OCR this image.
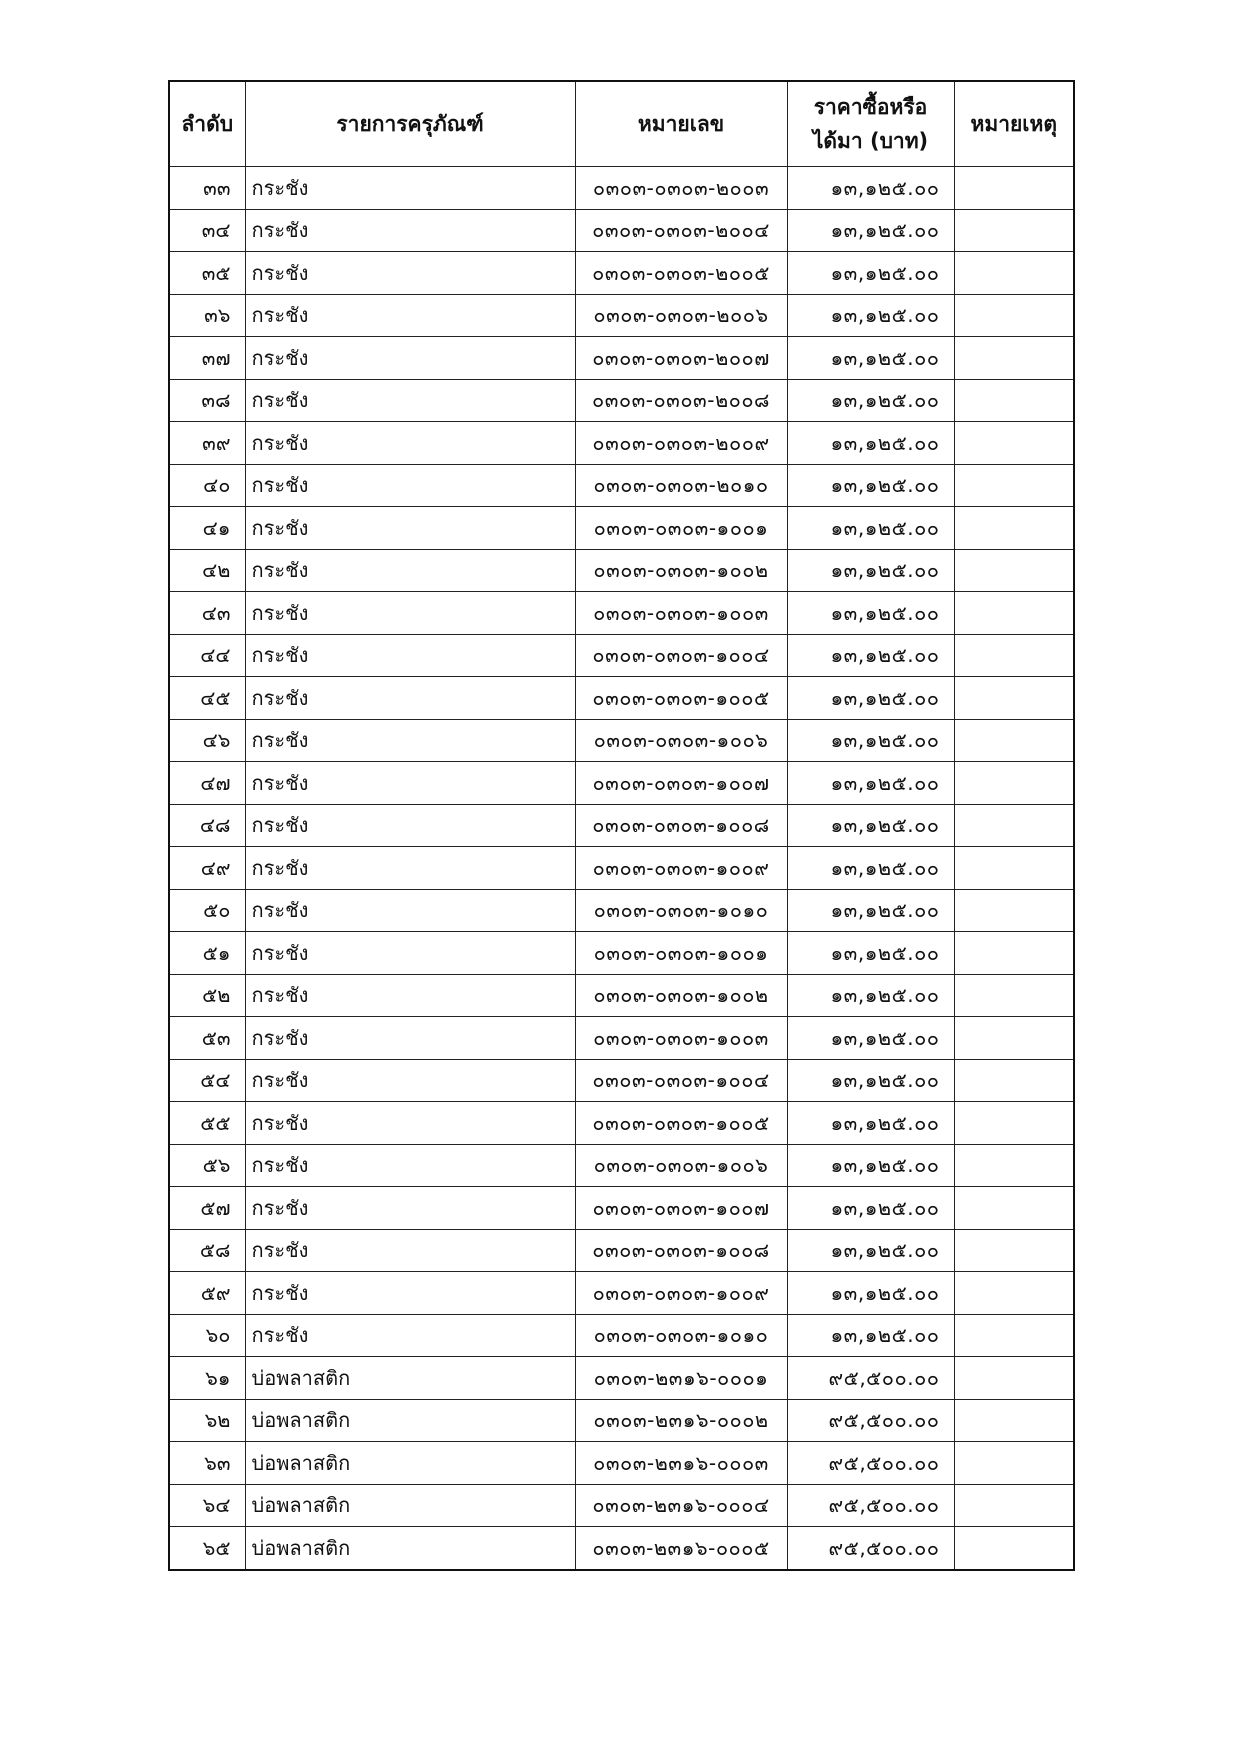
ลำดับ	รายการครุภัณฑ์	หมายเลข	ราคาซื้อหรือ
ได้มา (บาท)	หมายเหตุ
๓๓	กระชัง	๐๓๐๓-๐๓๐๓-๒๐๐๓	๑๓,๑๒๕.๐๐	
๓๔	กระชัง	๐๓๐๓-๐๓๐๓-๒๐๐๔	๑๓,๑๒๕.๐๐	
๓๕	กระชัง	๐๓๐๓-๐๓๐๓-๒๐๐๕	๑๓,๑๒๕.๐๐	
๓๖	กระชัง	๐๓๐๓-๐๓๐๓-๒๐๐๖	๑๓,๑๒๕.๐๐	
๓๗	กระชัง	๐๓๐๓-๐๓๐๓-๒๐๐๗	๑๓,๑๒๕.๐๐	
๓๘	กระชัง	๐๓๐๓-๐๓๐๓-๒๐๐๘	๑๓,๑๒๕.๐๐	
๓๙	กระชัง	๐๓๐๓-๐๓๐๓-๒๐๐๙	๑๓,๑๒๕.๐๐	
๔๐	กระชัง	๐๓๐๓-๐๓๐๓-๒๐๑๐	๑๓,๑๒๕.๐๐	
๔๑	กระชัง	๐๓๐๓-๐๓๐๓-๑๐๐๑	๑๓,๑๒๕.๐๐	
๔๒	กระชัง	๐๓๐๓-๐๓๐๓-๑๐๐๒	๑๓,๑๒๕.๐๐	
๔๓	กระชัง	๐๓๐๓-๐๓๐๓-๑๐๐๓	๑๓,๑๒๕.๐๐	
๔๔	กระชัง	๐๓๐๓-๐๓๐๓-๑๐๐๔	๑๓,๑๒๕.๐๐	
๔๕	กระชัง	๐๓๐๓-๐๓๐๓-๑๐๐๕	๑๓,๑๒๕.๐๐	
๔๖	กระชัง	๐๓๐๓-๐๓๐๓-๑๐๐๖	๑๓,๑๒๕.๐๐	
๔๗	กระชัง	๐๓๐๓-๐๓๐๓-๑๐๐๗	๑๓,๑๒๕.๐๐	
๔๘	กระชัง	๐๓๐๓-๐๓๐๓-๑๐๐๘	๑๓,๑๒๕.๐๐	
๔๙	กระชัง	๐๓๐๓-๐๓๐๓-๑๐๐๙	๑๓,๑๒๕.๐๐	
๕๐	กระชัง	๐๓๐๓-๐๓๐๓-๑๐๑๐	๑๓,๑๒๕.๐๐	
๕๑	กระชัง	๐๓๐๓-๐๓๐๓-๑๐๐๑	๑๓,๑๒๕.๐๐	
๕๒	กระชัง	๐๓๐๓-๐๓๐๓-๑๐๐๒	๑๓,๑๒๕.๐๐	
๕๓	กระชัง	๐๓๐๓-๐๓๐๓-๑๐๐๓	๑๓,๑๒๕.๐๐	
๕๔	กระชัง	๐๓๐๓-๐๓๐๓-๑๐๐๔	๑๓,๑๒๕.๐๐	
๕๕	กระชัง	๐๓๐๓-๐๓๐๓-๑๐๐๕	๑๓,๑๒๕.๐๐	
๕๖	กระชัง	๐๓๐๓-๐๓๐๓-๑๐๐๖	๑๓,๑๒๕.๐๐	
๕๗	กระชัง	๐๓๐๓-๐๓๐๓-๑๐๐๗	๑๓,๑๒๕.๐๐	
๕๘	กระชัง	๐๓๐๓-๐๓๐๓-๑๐๐๘	๑๓,๑๒๕.๐๐	
๕๙	กระชัง	๐๓๐๓-๐๓๐๓-๑๐๐๙	๑๓,๑๒๕.๐๐	
๖๐	กระชัง	๐๓๐๓-๐๓๐๓-๑๐๑๐	๑๓,๑๒๕.๐๐	
๖๑	บ่อพลาสติก	๐๓๐๓-๒๓๑๖-๐๐๐๑	๙๕,๕๐๐.๐๐	
๖๒	บ่อพลาสติก	๐๓๐๓-๒๓๑๖-๐๐๐๒	๙๕,๕๐๐.๐๐	
๖๓	บ่อพลาสติก	๐๓๐๓-๒๓๑๖-๐๐๐๓	๙๕,๕๐๐.๐๐	
๖๔	บ่อพลาสติก	๐๓๐๓-๒๓๑๖-๐๐๐๔	๙๕,๕๐๐.๐๐	
๖๕	บ่อพลาสติก	๐๓๐๓-๒๓๑๖-๐๐๐๕	๙๕,๕๐๐.๐๐	
